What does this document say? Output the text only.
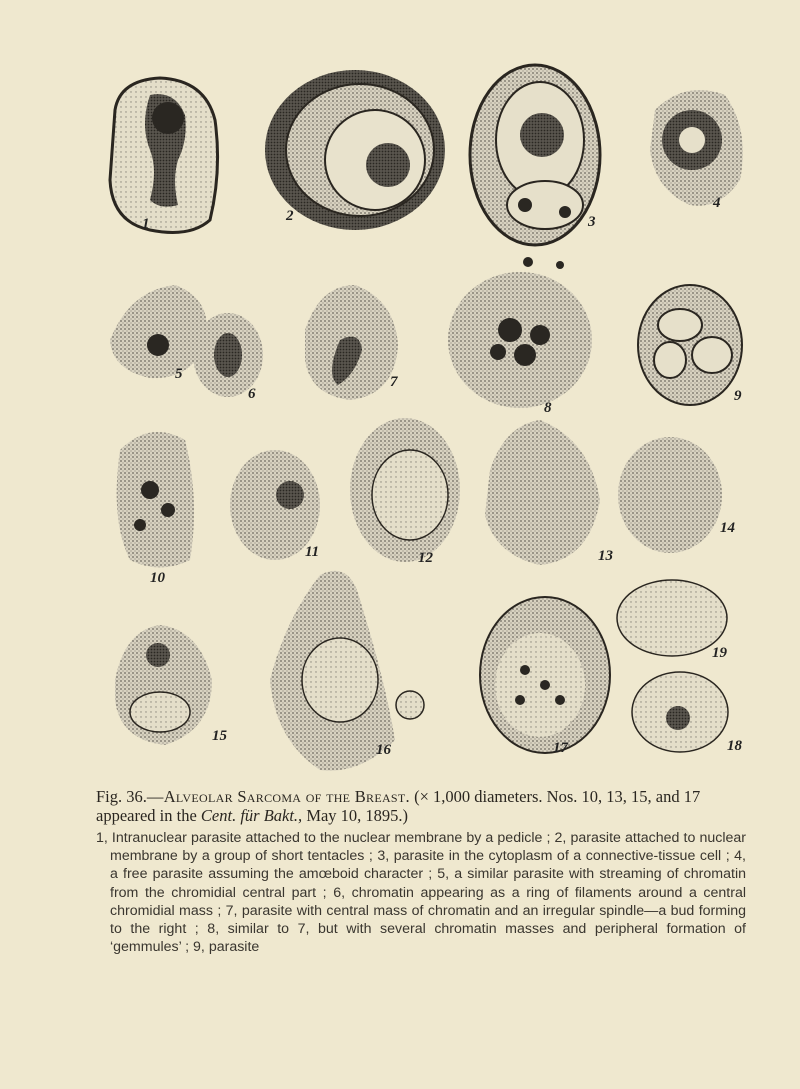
1	2	3
4
5
6
7
8
9
10
11	12	13
14
15
16	17
19
18

Fig. 36.—Alveolar Sarcoma of the Breast. (× 1,000 diameters. Nos. 10, 13, 15, and 17 appeared in the Cent. für Bakt., May 10, 1895.)

1, Intranuclear parasite attached to the nuclear membrane by a pedicle ; 2, parasite attached to nuclear membrane by a group of short tentacles ; 3, parasite in the cytoplasm of a connective-tissue cell ; 4, a free parasite assuming the amœboid character ; 5, a similar parasite with streaming of chromatin from the chromidial central part ; 6, chromatin appearing as a ring of filaments around a central chromidial mass ; 7, parasite with central mass of chromatin and an irregular spindle—a bud forming to the right ; 8, similar to 7, but with several chromatin masses and peripheral formation of ‘gemmules’ ; 9, parasite
